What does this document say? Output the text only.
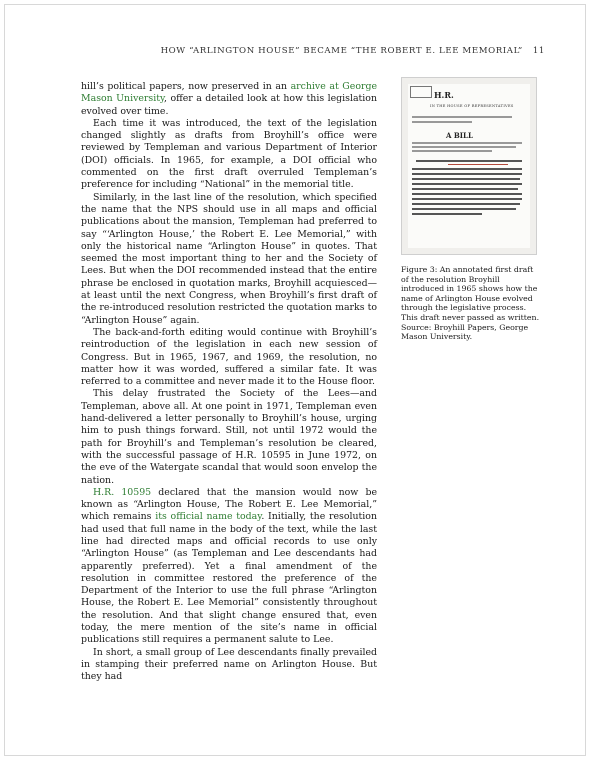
HOW “ARLINGTON HOUSE” BECAME “THE ROBERT E. LEE MEMORIAL” 11

hill’s political papers, now preserved in an archive at George Mason University, offer a detailed look at how this legislation evolved over time.

Each time it was introduced, the text of the legislation changed slightly as drafts from Broyhill’s office were reviewed by Templeman and various Department of Interior (DOI) officials. In 1965, for example, a DOI official who commented on the first draft overruled Templeman’s preference for including “National” in the memorial title.

Similarly, in the last line of the resolution, which specified the name that the NPS should use in all maps and official publications about the mansion, Templeman had preferred to say “‘Arlington House,’ the Robert E. Lee Memorial,” with only the historical name “Arlington House” in quotes. That seemed the most important thing to her and the Society of Lees. But when the DOI recommended instead that the entire phrase be enclosed in quotation marks, Broyhill acquiesced—at least until the next Congress, when Broyhill’s first draft of the re-introduced resolution restricted the quotation marks to “Arlington House” again.

The back-and-forth editing would continue with Broyhill’s reintroduction of the legislation in each new session of Congress. But in 1965, 1967, and 1969, the resolution, no matter how it was worded, suffered a similar fate. It was referred to a committee and never made it to the House floor.

This delay frustrated the Society of the Lees—and Templeman, above all. At one point in 1971, Templeman even hand-delivered a letter personally to Broyhill’s house, urging him to push things forward. Still, not until 1972 would the path for Broyhill’s and Templeman’s resolution be cleared, with the successful passage of H.R. 10595 in June 1972, on the eve of the Watergate scandal that would soon envelop the nation.

H.R. 10595 declared that the mansion would now be known as “Arlington House, The Robert E. Lee Memorial,” which remains its official name today. Initially, the resolution had used that full name in the body of the text, while the last line had directed maps and official records to use only “Arlington House” (as Templeman and Lee descendants had apparently preferred). Yet a final amendment of the resolution in committee restored the preference of the Department of the Interior to use the full phrase “Arlington House, the Robert E. Lee Memorial” consistently throughout the resolution. And that slight change ensured that, even today, the mere mention of the site’s name in official publications still requires a permanent salute to Lee.

In short, a small group of Lee descendants finally prevailed in stamping their preferred name on Arlington House. But they had

H.R.
IN THE HOUSE OF REPRESENTATIVES
A BILL
Figure 3: An annotated first draft of the resolution Broyhill introduced in 1965 shows how the name of Arlington House evolved through the legislative process. This draft never passed as written. Source: Broyhill Papers, George Mason University.
